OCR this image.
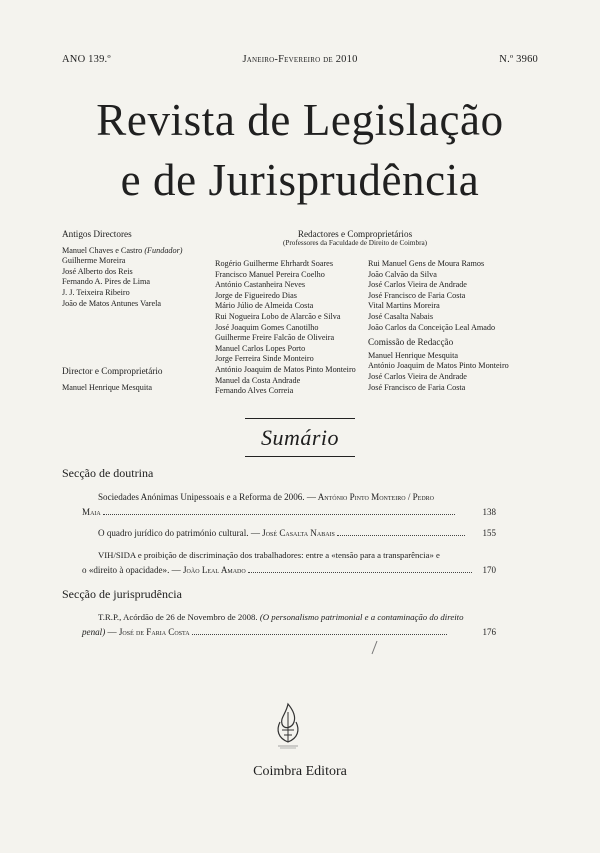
ANO 139.º	Janeiro-Fevereiro de 2010	N.º 3960
Revista de Legislação
e de Jurisprudência
Antigos Directores
Manuel Chaves e Castro (Fundador)
Guilherme Moreira
José Alberto dos Reis
Fernando A. Pires de Lima
J. J. Teixeira Ribeiro
João de Matos Antunes Varela
Director e Comproprietário
Manuel Henrique Mesquita
Redactores e Comproprietários
(Professores da Faculdade de Direito de Coimbra)
Rogério Guilherme Ehrhardt Soares
Francisco Manuel Pereira Coelho
António Castanheira Neves
Jorge de Figueiredo Dias
Mário Júlio de Almeida Costa
Rui Nogueira Lobo de Alarcão e Silva
José Joaquim Gomes Canotilho
Guilherme Freire Falcão de Oliveira
Manuel Carlos Lopes Porto
Jorge Ferreira Sinde Monteiro
António Joaquim de Matos Pinto Monteiro
Manuel da Costa Andrade
Fernando Alves Correia
Rui Manuel Gens de Moura Ramos
João Calvão da Silva
José Carlos Vieira de Andrade
José Francisco de Faria Costa
Vital Martins Moreira
José Casalta Nabais
João Carlos da Conceição Leal Amado
Comissão de Redacção
Manuel Henrique Mesquita
António Joaquim de Matos Pinto Monteiro
José Carlos Vieira de Andrade
José Francisco de Faria Costa
Sumário
Secção de doutrina
Sociedades Anónimas Unipessoais e a Reforma de 2006. — António Pinto Monteiro / Pedro
Maia	138
O quadro jurídico do património cultural. — José Casalta Nabais	155
VIH/SIDA e proibição de discriminação dos trabalhadores: entre a «tensão para a transparência» e
o «direito à opacidade». — João Leal Amado	170
Secção de jurisprudência
T.R.P., Acórdão de 26 de Novembro de 2008. (O personalismo patrimonial e a contaminação do direito
penal) — José de Faria Costa	176
Coimbra Editora
